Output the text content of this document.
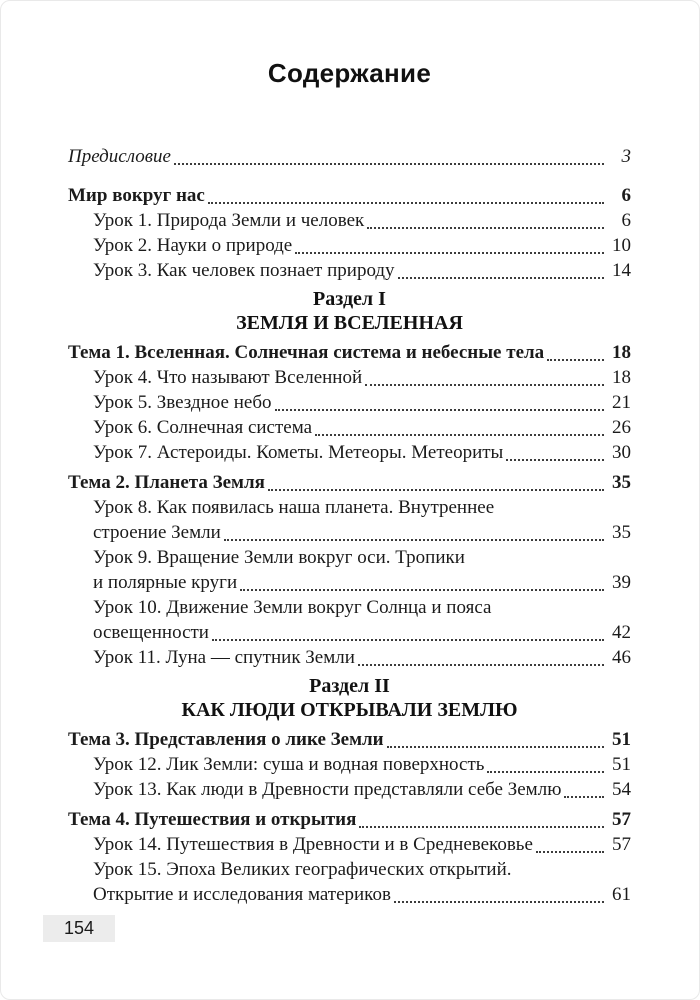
Содержание
Предисловие	3
Мир вокруг нас	6
Урок 1. Природа Земли и человек	6
Урок 2. Науки о природе	10
Урок 3. Как человек познает природу	14
Раздел I
ЗЕМЛЯ И ВСЕЛЕННАЯ
Тема 1. Вселенная. Солнечная система и небесные тела	18
Урок 4. Что называют Вселенной	18
Урок 5. Звездное небо	21
Урок 6. Солнечная система	26
Урок 7. Астероиды. Кометы. Метеоры. Метеориты	30
Тема 2. Планета Земля	35
Урок 8. Как появилась наша планета. Внутреннее
строение Земли	35
Урок 9. Вращение Земли вокруг оси. Тропики
и полярные круги	39
Урок 10. Движение Земли вокруг Солнца и пояса
освещенности	42
Урок 11. Луна — спутник Земли	46
Раздел II
КАК ЛЮДИ ОТКРЫВАЛИ ЗЕМЛЮ
Тема 3. Представления о лике Земли	51
Урок 12. Лик Земли: суша и водная поверхность	51
Урок 13. Как люди в Древности представляли себе Землю	54
Тема 4. Путешествия и открытия	57
Урок 14. Путешествия в Древности и в Средневековье	57
Урок 15. Эпоха Великих географических открытий.
Открытие и исследования материков	61
154
